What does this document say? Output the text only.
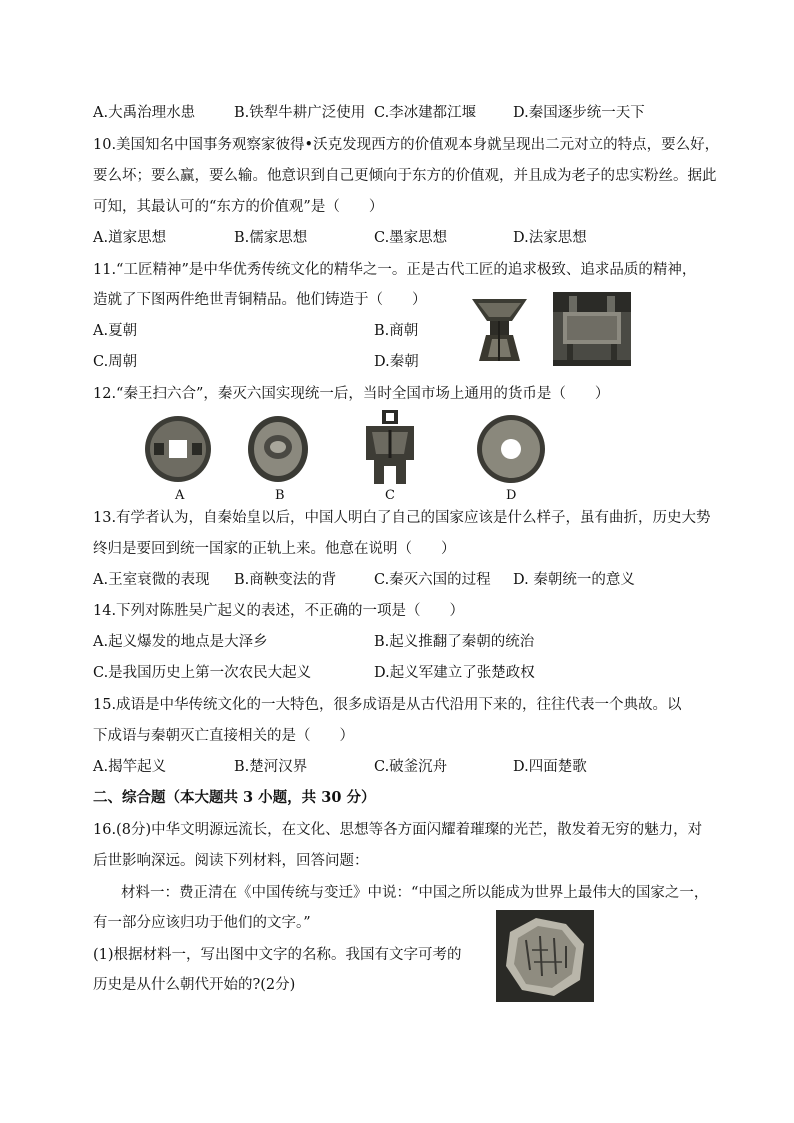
A.大禹治理水患	B.铁犁牛耕广泛使用 C.李冰建都江堰	D.秦国逐步统一天下
10.美国知名中国事务观察家彼得•沃克发现西方的价值观本身就呈现出二元对立的特点，要么好，
要么坏；要么赢，要么输。他意识到自己更倾向于东方的价值观，并且成为老子的忠实粉丝。据此
可知，其最认可的“东方的价值观”是（　　）
A.道家思想	B.儒家思想	C.墨家思想	D.法家思想
11.“工匠精神”是中华优秀传统文化的精华之一。正是古代工匠的追求极致、追求品质的精神，
造就了下图两件绝世青铜精品。他们铸造于（　　）
A.夏朝	B.商朝
C.周朝	D.秦朝
12.“秦王扫六合”，秦灭六国实现统一后，当时全国市场上通用的货币是（　　）
A	B	C	D
13.有学者认为，自秦始皇以后，中国人明白了自己的国家应该是什么样子，虽有曲折，历史大势
终归是要回到统一国家的正轨上来。他意在说明（　　）
A.王室衰微的表现 B.商鞅变法的背	C.秦灭六国的过程 D. 秦朝统一的意义
14.下列对陈胜吴广起义的表述，不正确的一项是（　　）
A.起义爆发的地点是大泽乡	B.起义推翻了秦朝的统治
C.是我国历史上第一次农民大起义	D.起义军建立了张楚政权
15.成语是中华传统文化的一大特色，很多成语是从古代沿用下来的，往往代表一个典故。以
下成语与秦朝灭亡直接相关的是（　　）
A.揭竿起义	B.楚河汉界	C.破釜沉舟	D.四面楚歌
二、综合题（本大题共 3 小题，共 30 分）
16.(8分)中华文明源远流长，在文化、思想等各方面闪耀着璀璨的光芒，散发着无穷的魅力，对
后世影响深远。阅读下列材料，回答问题：
材料一：费正清在《中国传统与变迁》中说：“中国之所以能成为世界上最伟大的国家之一，
有一部分应该归功于他们的文字。”
(1)根据材料一，写出图中文字的名称。我国有文字可考的
历史是从什么朝代开始的?(2分)
